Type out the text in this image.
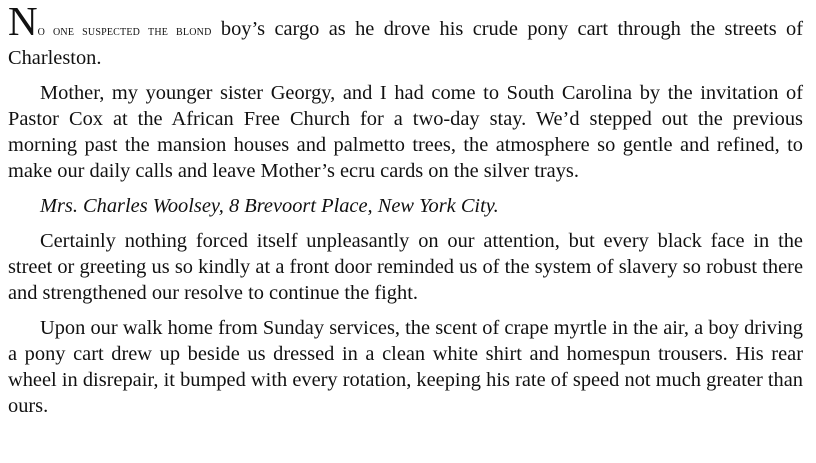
No one suspected the blond boy’s cargo as he drove his crude pony cart through the streets of Charleston.

Mother, my younger sister Georgy, and I had come to South Carolina by the invitation of Pastor Cox at the African Free Church for a two-day stay. We’d stepped out the previous morning past the mansion houses and palmetto trees, the atmosphere so gentle and refined, to make our daily calls and leave Mother’s ecru cards on the silver trays.

Mrs. Charles Woolsey, 8 Brevoort Place, New York City.

Certainly nothing forced itself unpleasantly on our attention, but every black face in the street or greeting us so kindly at a front door reminded us of the system of slavery so robust there and strengthened our resolve to continue the fight.

Upon our walk home from Sunday services, the scent of crape myrtle in the air, a boy driving a pony cart drew up beside us dressed in a clean white shirt and homespun trousers. His rear wheel in disrepair, it bumped with every rotation, keeping his rate of speed not much greater than ours.
